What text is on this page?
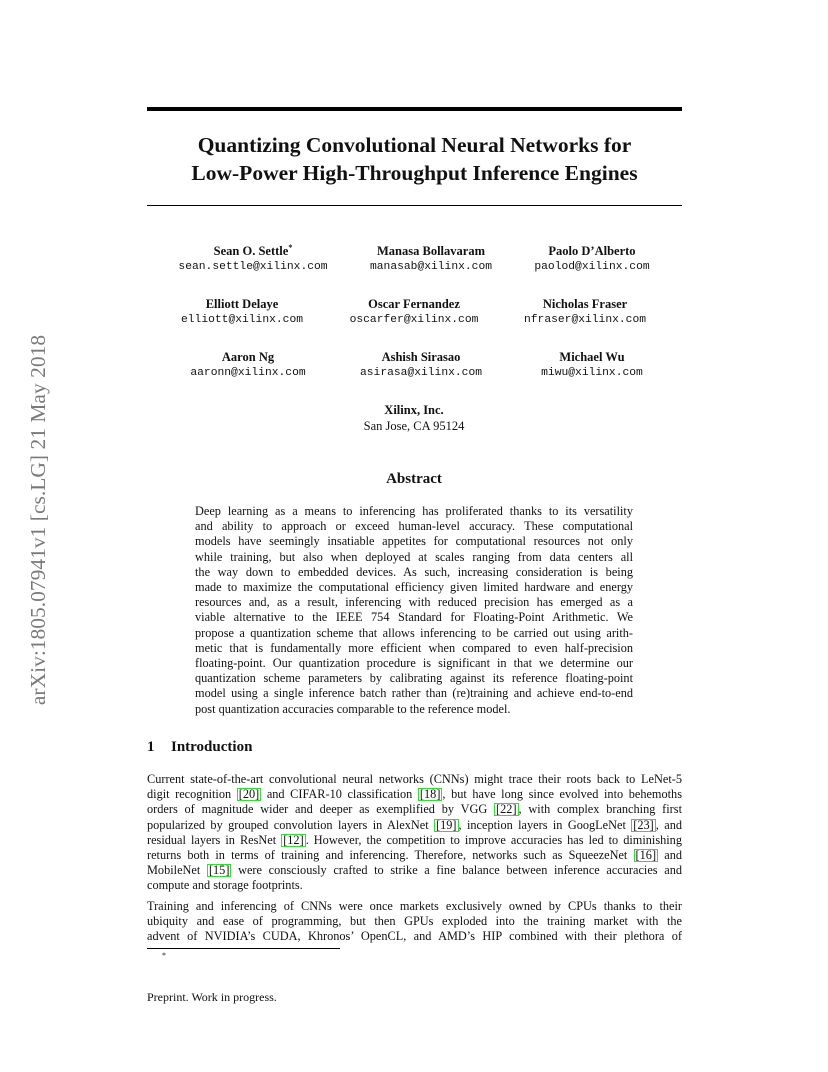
arXiv:1805.07941v1 [cs.LG] 21 May 2018
Quantizing Convolutional Neural Networks for
Low-Power High-Throughput Inference Engines
Sean O. Settle*
sean.settle@xilinx.com
Manasa Bollavaram
manasab@xilinx.com
Paolo D’Alberto
paolod@xilinx.com
Elliott Delaye
elliott@xilinx.com
Oscar Fernandez
oscarfer@xilinx.com
Nicholas Fraser
nfraser@xilinx.com
Aaron Ng
aaronn@xilinx.com
Ashish Sirasao
asirasa@xilinx.com
Michael Wu
miwu@xilinx.com
Xilinx, Inc.
San Jose, CA 95124
Abstract
Deep learning as a means to inferencing has proliferated thanks to its versatility
and ability to approach or exceed human-level accuracy. These computational
models have seemingly insatiable appetites for computational resources not only
while training, but also when deployed at scales ranging from data centers all
the way down to embedded devices. As such, increasing consideration is being
made to maximize the computational efficiency given limited hardware and energy
resources and, as a result, inferencing with reduced precision has emerged as a
viable alternative to the IEEE 754 Standard for Floating-Point Arithmetic. We
propose a quantization scheme that allows inferencing to be carried out using arith-
metic that is fundamentally more efficient when compared to even half-precision
floating-point. Our quantization procedure is significant in that we determine our
quantization scheme parameters by calibrating against its reference floating-point
model using a single inference batch rather than (re)training and achieve end-to-end
post quantization accuracies comparable to the reference model.
1 Introduction
Current state-of-the-art convolutional neural networks (CNNs) might trace their roots back to LeNet-5
digit recognition [20] and CIFAR-10 classification [18] , but have long since evolved into behemoths
orders of magnitude wider and deeper as exemplified by VGG [22] , with complex branching first
popularized by grouped convolution layers in AlexNet [19] , inception layers in GoogLeNet [23] , and
residual layers in ResNet [12] . However, the competition to improve accuracies has led to diminishing
returns both in terms of training and inferencing. Therefore, networks such as SqueezeNet [16] and
MobileNet [15] were consciously crafted to strike a fine balance between inference accuracies and
compute and storage footprints.
Training and inferencing of CNNs were once markets exclusively owned by CPUs thanks to their
ubiquity and ease of programming, but then GPUs exploded into the training market with the
advent of NVIDIA’s CUDA, Khronos’ OpenCL, and AMD’s HIP combined with their plethora of
*
Preprint. Work in progress.
